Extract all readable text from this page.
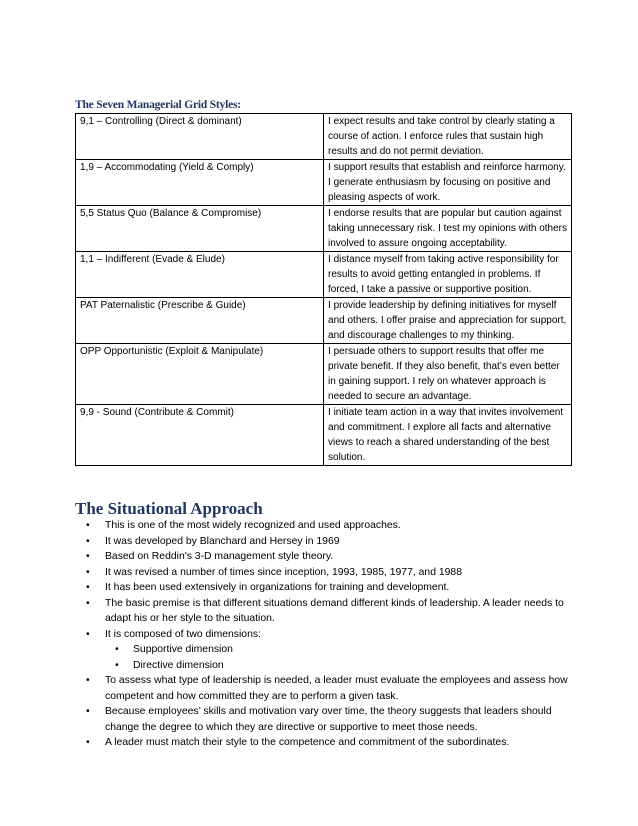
The Seven Managerial Grid Styles:
9,1 – Controlling (Direct & dominant)	I expect results and take control by clearly stating a course of action. I enforce rules that sustain high results and do not permit deviation.
1,9 – Accommodating (Yield & Comply)	I support results that establish and reinforce harmony. I generate enthusiasm by focusing on positive and pleasing aspects of work.
5,5 Status Quo (Balance & Compromise)	I endorse results that are popular but caution against taking unnecessary risk. I test my opinions with others involved to assure ongoing acceptability.
1,1 – Indifferent (Evade & Elude)	I distance myself from taking active responsibility for results to avoid getting entangled in problems. If forced, I take a passive or supportive position.
PAT Paternalistic (Prescribe & Guide)	I provide leadership by defining initiatives for myself and others. I offer praise and appreciation for support, and discourage challenges to my thinking.
OPP Opportunistic (Exploit & Manipulate)	I persuade others to support results that offer me private benefit. If they also benefit, that’s even better in gaining support. I rely on whatever approach is needed to secure an advantage.
9,9 - Sound (Contribute & Commit)	I initiate team action in a way that invites involvement and commitment. I explore all facts and alternative views to reach a shared understanding of the best solution.
The Situational Approach
• This is one of the most widely recognized and used approaches.
• It was developed by Blanchard and Hersey in 1969
• Based on Reddin's 3-D management style theory.
• It was revised a number of times since inception, 1993, 1985, 1977, and 1988
• It has been used extensively in organizations for training and development.
• The basic premise is that different situations demand different kinds of leadership. A leader needs to adapt his or her style to the situation.
• It is composed of two dimensions:
• Supportive dimension
• Directive dimension
• To assess what type of leadership is needed, a leader must evaluate the employees and assess how competent and how committed they are to perform a given task.
• Because employees’ skills and motivation vary over time, the theory suggests that leaders should change the degree to which they are directive or supportive to meet those needs.
• A leader must match their style to the competence and commitment of the subordinates.
